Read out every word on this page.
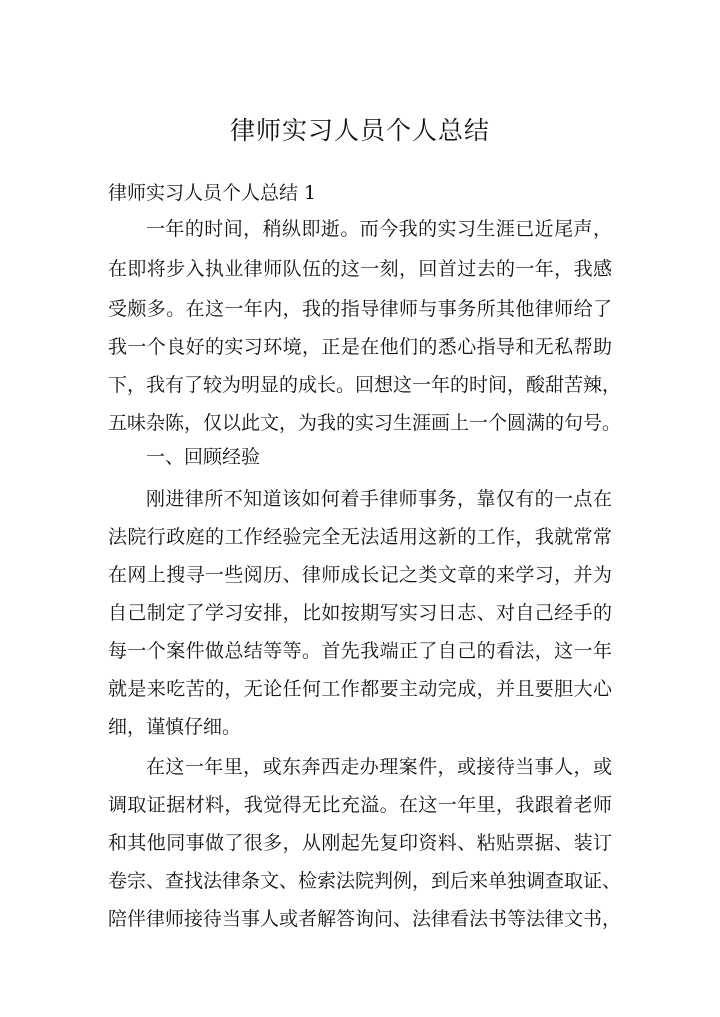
律师实习人员个人总结

律师实习人员个人总结 1

一年的时间，稍纵即逝。而今我的实习生涯已近尾声，

在即将步入执业律师队伍的这一刻，回首过去的一年，我感

受颇多。在这一年内，我的指导律师与事务所其他律师给了

我一个良好的实习环境，正是在他们的悉心指导和无私帮助

下，我有了较为明显的成长。回想这一年的时间，酸甜苦辣，

五味杂陈，仅以此文，为我的实习生涯画上一个圆满的句号。

一、回顾经验

刚进律所不知道该如何着手律师事务，靠仅有的一点在

法院行政庭的工作经验完全无法适用这新的工作，我就常常

在网上搜寻一些阅历、律师成长记之类文章的来学习，并为

自己制定了学习安排，比如按期写实习日志、对自己经手的

每一个案件做总结等等。首先我端正了自己的看法，这一年

就是来吃苦的，无论任何工作都要主动完成，并且要胆大心

细，谨慎仔细。

在这一年里，或东奔西走办理案件，或接待当事人，或

调取证据材料，我觉得无比充溢。在这一年里，我跟着老师

和其他同事做了很多，从刚起先复印资料、粘贴票据、装订

卷宗、查找法律条文、检索法院判例，到后来单独调查取证、

陪伴律师接待当事人或者解答询问、法律看法书等法律文书，
